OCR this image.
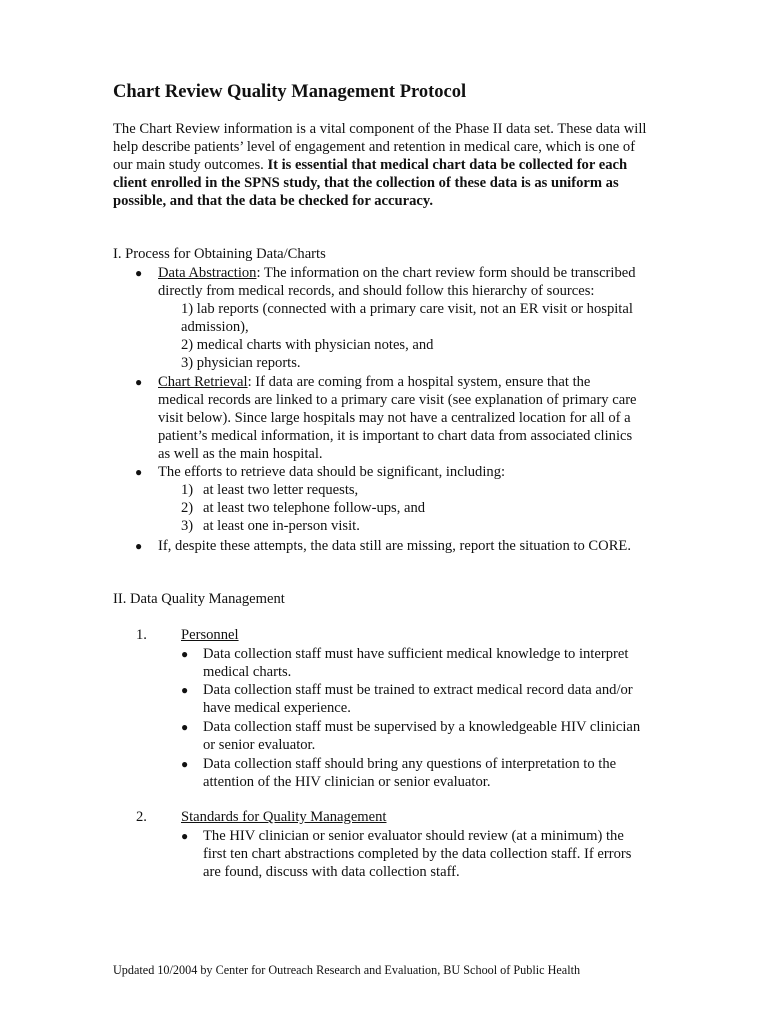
Chart Review Quality Management Protocol
The Chart Review information is a vital component of the Phase II data set. These data will help describe patients’ level of engagement and retention in medical care, which is one of our main study outcomes. It is essential that medical chart data be collected for each client enrolled in the SPNS study, that the collection of these data is as uniform as possible, and that the data be checked for accuracy.
I. Process for Obtaining Data/Charts
● Data Abstraction: The information on the chart review form should be transcribed
directly from medical records, and should follow this hierarchy of sources:
1) lab reports (connected with a primary care visit, not an ER visit or hospital
admission),
2) medical charts with physician notes, and
3) physician reports.
● Chart Retrieval: If data are coming from a hospital system, ensure that the
medical records are linked to a primary care visit (see explanation of primary care
visit below). Since large hospitals may not have a centralized location for all of a
patient’s medical information, it is important to chart data from associated clinics
as well as the main hospital.
● The efforts to retrieve data should be significant, including:
1) at least two letter requests,
2) at least two telephone follow-ups, and
3) at least one in-person visit.
● If, despite these attempts, the data still are missing, report the situation to CORE.
II. Data Quality Management
1. Personnel
● Data collection staff must have sufficient medical knowledge to interpret
medical charts.
● Data collection staff must be trained to extract medical record data and/or
have medical experience.
● Data collection staff must be supervised by a knowledgeable HIV clinician
or senior evaluator.
● Data collection staff should bring any questions of interpretation to the
attention of the HIV clinician or senior evaluator.
2. Standards for Quality Management
● The HIV clinician or senior evaluator should review (at a minimum) the
first ten chart abstractions completed by the data collection staff. If errors
are found, discuss with data collection staff.
Updated 10/2004 by Center for Outreach Research and Evaluation, BU School of Public Health
